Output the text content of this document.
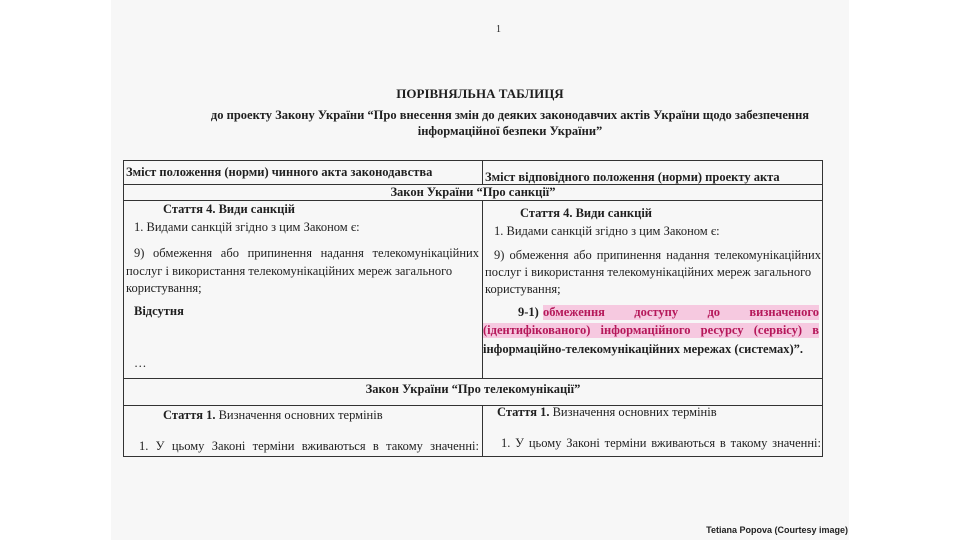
1
ПОРІВНЯЛЬНА ТАБЛИЦЯ
до проекту Закону України “Про внесення змін до деяких законодавчих актів України щодо забезпечення
інформаційної безпеки України”
Зміст положення (норми) чинного акта законодавства	Зміст відповідного положення (норми) проекту акта
Закон України “Про санкції”
Стаття 4. Види санкцій
1. Видами санкцій згідно з цим Законом є:
9) обмеження або припинення надання телекомунікаційних
послуг і використання телекомунікаційних мереж загального
користування;
Відсутня
…
Стаття 4. Види санкцій
1. Видами санкцій згідно з цим Законом є:
9) обмеження або припинення надання телекомунікаційних
послуг і використання телекомунікаційних мереж загального
користування;
9-1) обмеження доступу до визначеного
(ідентифікованого) інформаційного ресурсу (сервісу) в
інформаційно-телекомунікаційних мережах (системах)”.
Закон України “Про телекомунікації”
Стаття 1. Визначення основних термінів
1. У цьому Законі терміни вживаються в такому значенні:
Стаття 1. Визначення основних термінів
1. У цьому Законі терміни вживаються в такому значенні:
Tetiana Popova (Courtesy image)
